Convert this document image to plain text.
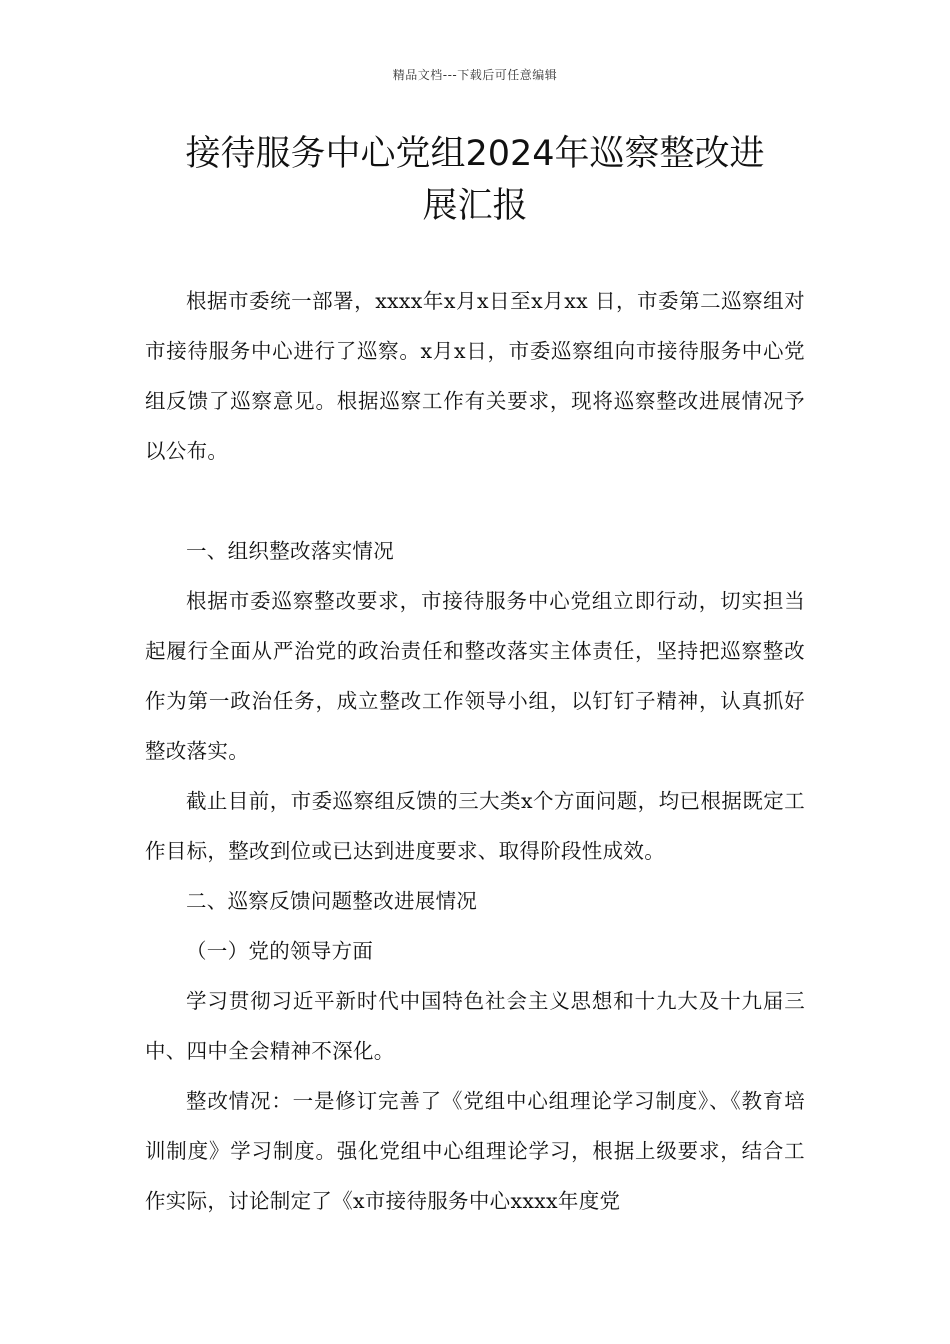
精品文档---下载后可任意编辑
接待服务中心党组2024年巡察整改进
展汇报

根据市委统一部署，xxxx年x月x日至x月xx 日，市委第二巡察组对市接待服务中心进行了巡察。x月x日，市委巡察组向市接待服务中心党组反馈了巡察意见。根据巡察工作有关要求，现将巡察整改进展情况予以公布。

一、组织整改落实情况

根据市委巡察整改要求，市接待服务中心党组立即行动，切实担当起履行全面从严治党的政治责任和整改落实主体责任，坚持把巡察整改作为第一政治任务，成立整改工作领导小组，以钉钉子精神，认真抓好整改落实。

截止目前，市委巡察组反馈的三大类x个方面问题，均已根据既定工作目标，整改到位或已达到进度要求、取得阶段性成效。

二、巡察反馈问题整改进展情况

（一）党的领导方面

学习贯彻习近平新时代中国特色社会主义思想和十九大及十九届三中、四中全会精神不深化。

整改情况：一是修订完善了《党组中心组理论学习制度》、《教育培训制度》学习制度。强化党组中心组理论学习，根据上级要求，结合工作实际，讨论制定了《x市接待服务中心xxxx年度党
